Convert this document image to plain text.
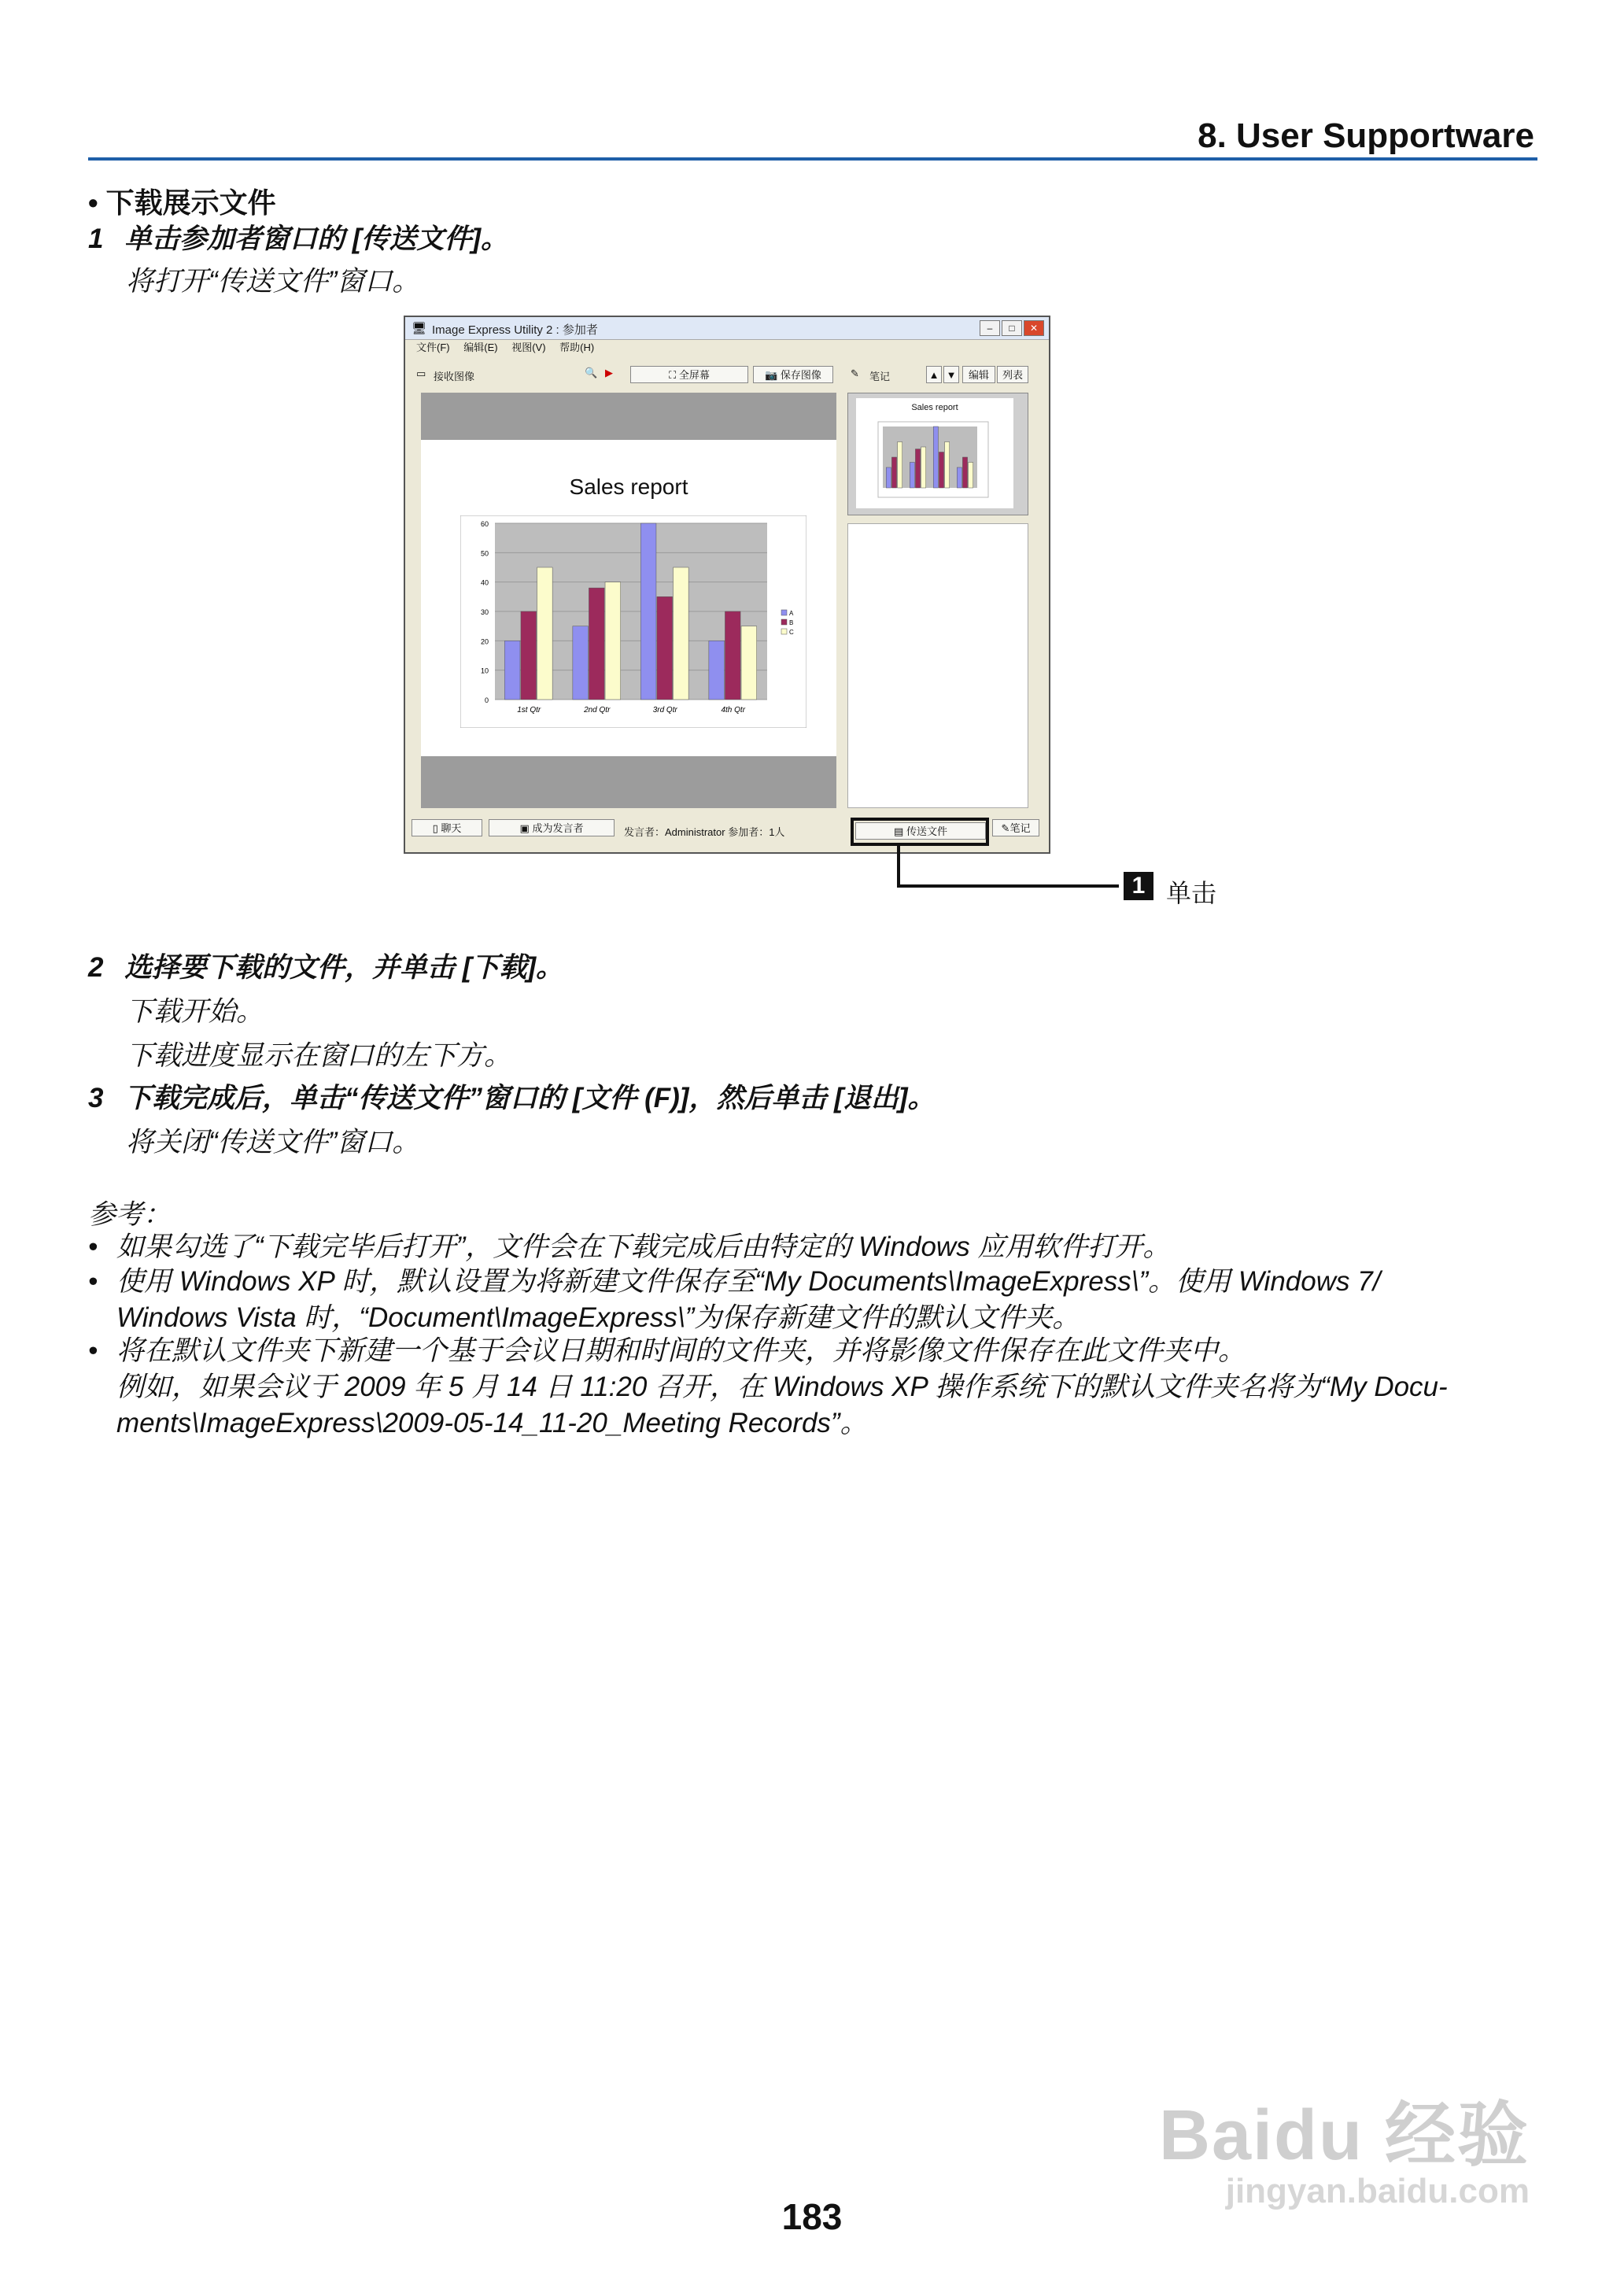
8. User Supportware
• 下载展示文件
1 单击参加者窗口的 [传送文件]。
将打开“传送文件”窗口。
🖥 Image Express Utility 2 : 参加者	–	□	✕
文件(F) 编辑(E) 视图(V) 帮助(H)
▭ 接收图像	🔍 ▶	⛶ 全屏幕	📷 保存图像
Sales report
0
10
20
30
40
50
60
1st Qtr	2nd Qtr	3rd Qtr	4th Qtr
A
B
C
✎ 笔记	▲ ▼	编辑	列表
Sales report
▯ 聊天	▣ 成为发言者	发言者：Administrator 参加者：1人	▤ 传送文件	✎笔记
1 单击
2 选择要下载的文件，并单击 [下载]。
下载开始。
下载进度显示在窗口的左下方。
3 下载完成后，单击“传送文件”窗口的 [文件 (F)]，然后单击 [退出]。
将关闭“传送文件”窗口。
参考：
• 如果勾选了“下载完毕后打开”，文件会在下载完成后由特定的 Windows 应用软件打开。
• 使用 Windows XP 时，默认设置为将新建文件保存至“My Documents\ImageExpress\”。使用 Windows 7/
Windows Vista 时，“Document\ImageExpress\”为保存新建文件的默认文件夹。
• 将在默认文件夹下新建一个基于会议日期和时间的文件夹，并将影像文件保存在此文件夹中。
例如，如果会议于 2009 年 5 月 14 日 11:20 召开，在 Windows XP 操作系统下的默认文件夹名将为“My Docu-
ments\ImageExpress\2009-05-14_11-20_Meeting Records”。
Baidu 经验
jingyan.baidu.com
183
